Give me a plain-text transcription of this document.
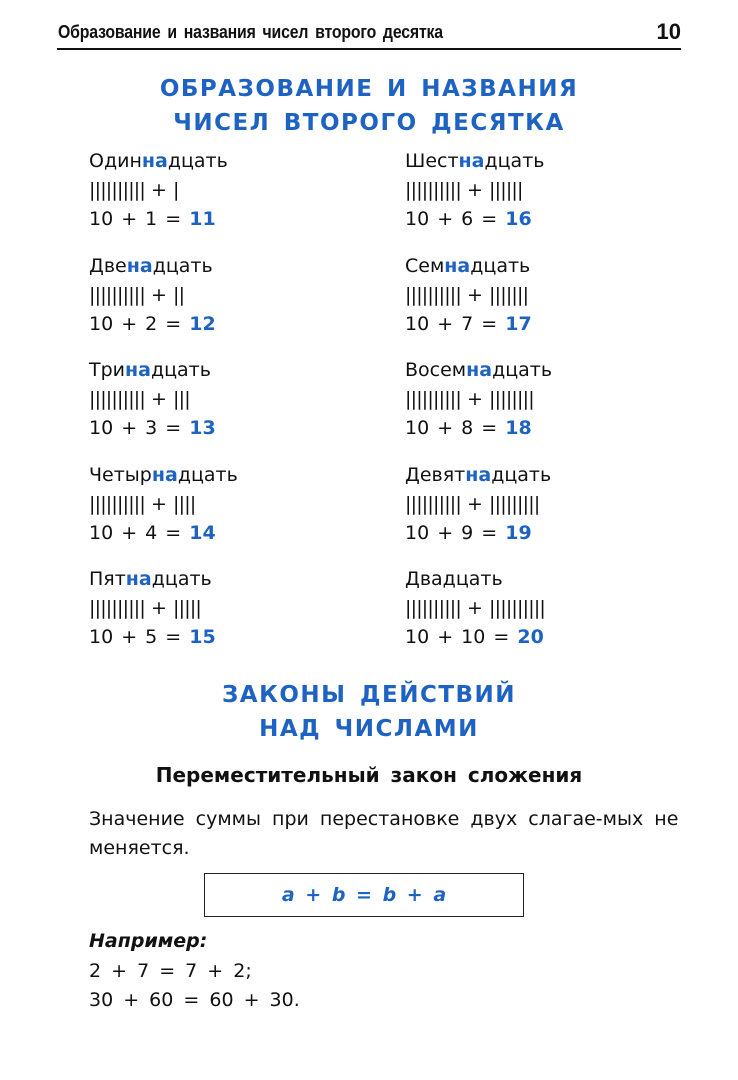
Образование и названия чисел второго десятка	10
ОБРАЗОВАНИЕ И НАЗВАНИЯ
ЧИСЕЛ ВТОРОГО ДЕСЯТКА
Одиннадцать
|||||||||| + |
10 + 1 = 11
Двенадцать
|||||||||| + ||
10 + 2 = 12
Тринадцать
|||||||||| + |||
10 + 3 = 13
Четырнадцать
|||||||||| + ||||
10 + 4 = 14
Пятнадцать
|||||||||| + |||||
10 + 5 = 15
Шестнадцать
|||||||||| + ||||||
10 + 6 = 16
Семнадцать
|||||||||| + |||||||
10 + 7 = 17
Восемнадцать
|||||||||| + ||||||||
10 + 8 = 18
Девятнадцать
|||||||||| + |||||||||
10 + 9 = 19
Двадцать
|||||||||| + ||||||||||
10 + 10 = 20
ЗАКОНЫ ДЕЙСТВИЙ
НАД ЧИСЛАМИ
Переместительный закон сложения
Значение суммы при перестановке двух слагае-мых не меняется.
a + b = b + a
Например:
2 + 7 = 7 + 2;
30 + 60 = 60 + 30.
